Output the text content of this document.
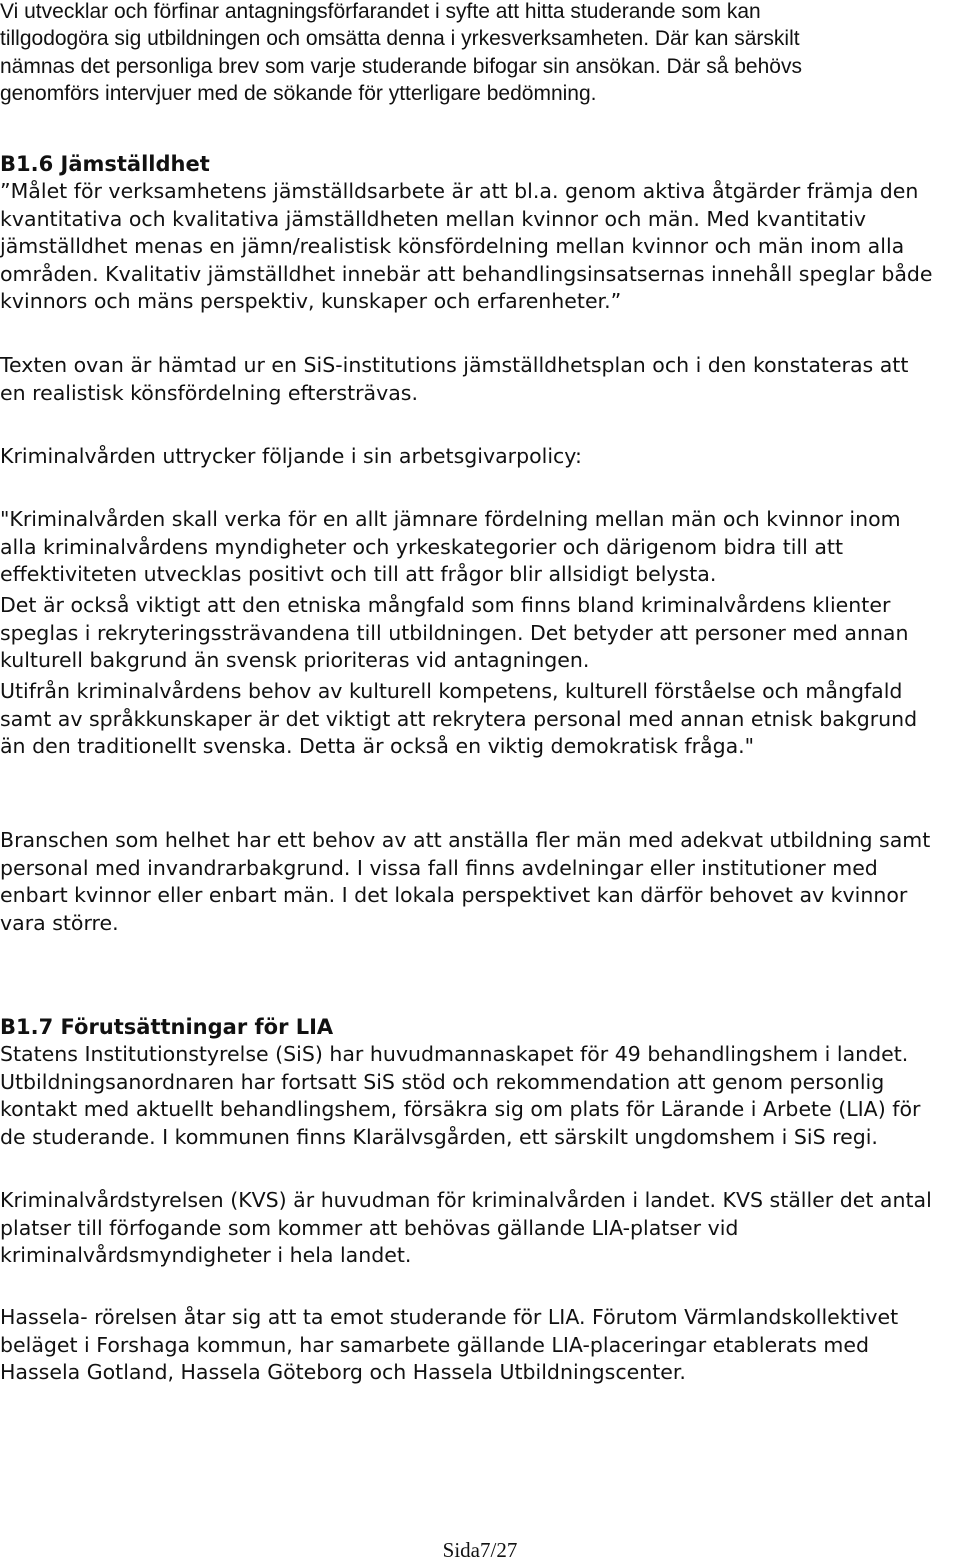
Vi utvecklar och förfinar antagningsförfarandet i syfte att hitta studerande som kan
tillgodogöra sig utbildningen och omsätta denna i yrkesverksamheten. Där kan särskilt
nämnas det personliga brev som varje studerande bifogar sin ansökan. Där så behövs
genomförs intervjuer med de sökande för ytterligare bedömning.

B1.6 Jämställdhet

”Målet för verksamhetens jämställdsarbete är att bl.a. genom aktiva åtgärder främja den
kvantitativa och kvalitativa jämställdheten mellan kvinnor och män. Med kvantitativ
jämställdhet menas en jämn/realistisk könsfördelning mellan kvinnor och män inom alla
områden. Kvalitativ jämställdhet innebär att behandlingsinsatsernas innehåll speglar både
kvinnors och mäns perspektiv, kunskaper och erfarenheter.”

Texten ovan är hämtad ur en SiS-institutions jämställdhetsplan och i den konstateras att
en realistisk könsfördelning eftersträvas.

Kriminalvården uttrycker följande i sin arbetsgivarpolicy:

"Kriminalvården skall verka för en allt jämnare fördelning mellan män och kvinnor inom
alla kriminalvårdens myndigheter och yrkeskategorier och därigenom bidra till att
effektiviteten utvecklas positivt och till att frågor blir allsidigt belysta.

Det är också viktigt att den etniska mångfald som finns bland kriminalvårdens klienter
speglas i rekryteringssträvandena till utbildningen. Det betyder att personer med annan
kulturell bakgrund än svensk prioriteras vid antagningen.

Utifrån kriminalvårdens behov av kulturell kompetens, kulturell förståelse och mångfald
samt av språkkunskaper är det viktigt att rekrytera personal med annan etnisk bakgrund
än den traditionellt svenska. Detta är också en viktig demokratisk fråga."

Branschen som helhet har ett behov av att anställa fler män med adekvat utbildning samt
personal med invandrarbakgrund. I vissa fall finns avdelningar eller institutioner med
enbart kvinnor eller enbart män. I det lokala perspektivet kan därför behovet av kvinnor
vara större.

B1.7 Förutsättningar för LIA

Statens Institutionstyrelse (SiS) har huvudmannaskapet för 49 behandlingshem i landet.
Utbildningsanordnaren har fortsatt SiS stöd och rekommendation att genom personlig
kontakt med aktuellt behandlingshem, försäkra sig om plats för Lärande i Arbete (LIA) för
de studerande. I kommunen finns Klarälvsgården, ett särskilt ungdomshem i SiS regi.

Kriminalvårdstyrelsen (KVS) är huvudman för kriminalvården i landet. KVS ställer det antal
platser till förfogande som kommer att behövas gällande LIA-platser vid
kriminalvårdsmyndigheter i hela landet.

Hassela- rörelsen åtar sig att ta emot studerande för LIA. Förutom Värmlandskollektivet
beläget i Forshaga kommun, har samarbete gällande LIA-placeringar etablerats med
Hassela Gotland, Hassela Göteborg och Hassela Utbildningscenter.

Sida7/27
